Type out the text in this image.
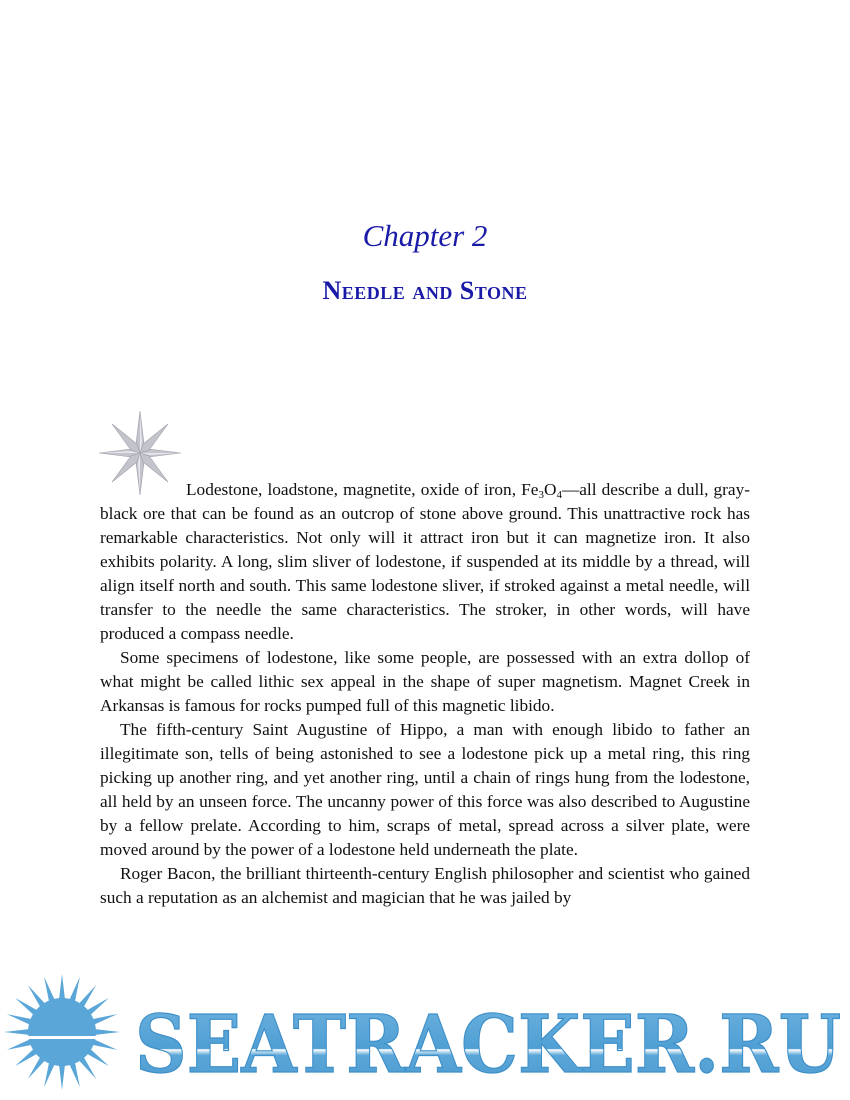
Chapter 2
Needle and Stone

Lodestone, loadstone, magnetite, oxide of iron, $Fe_3O_4—all$ describe a dull, gray-black ore that can be found as an outcrop of stone above ground. This unattractive rock has remarkable characteristics. Not only will it attract iron but it can magnetize iron. It also exhibits polarity. A long, slim sliver of lodestone, if suspended at its middle by a thread, will align itself north and south. This same lodestone sliver, if stroked against a metal needle, will transfer to the needle the same characteristics. The stroker, in other words, will have produced a compass needle.

Some specimens of lodestone, like some people, are possessed with an extra dollop of what might be called lithic sex appeal in the shape of super magnetism. Magnet Creek in Arkansas is famous for rocks pumped full of this magnetic libido.

The fifth-century Saint Augustine of Hippo, a man with enough libido to father an illegitimate son, tells of being astonished to see a lodestone pick up a metal ring, this ring picking up another ring, and yet another ring, until a chain of rings hung from the lodestone, all held by an unseen force. The uncanny power of this force was also described to Augustine by a fellow prelate. According to him, scraps of metal, spread across a silver plate, were moved around by the power of a lodestone held underneath the plate.

Roger Bacon, the brilliant thirteenth-century English philosopher and scientist who gained such a reputation as an alchemist and magician that he was jailed by

SEATRACKER.RU
